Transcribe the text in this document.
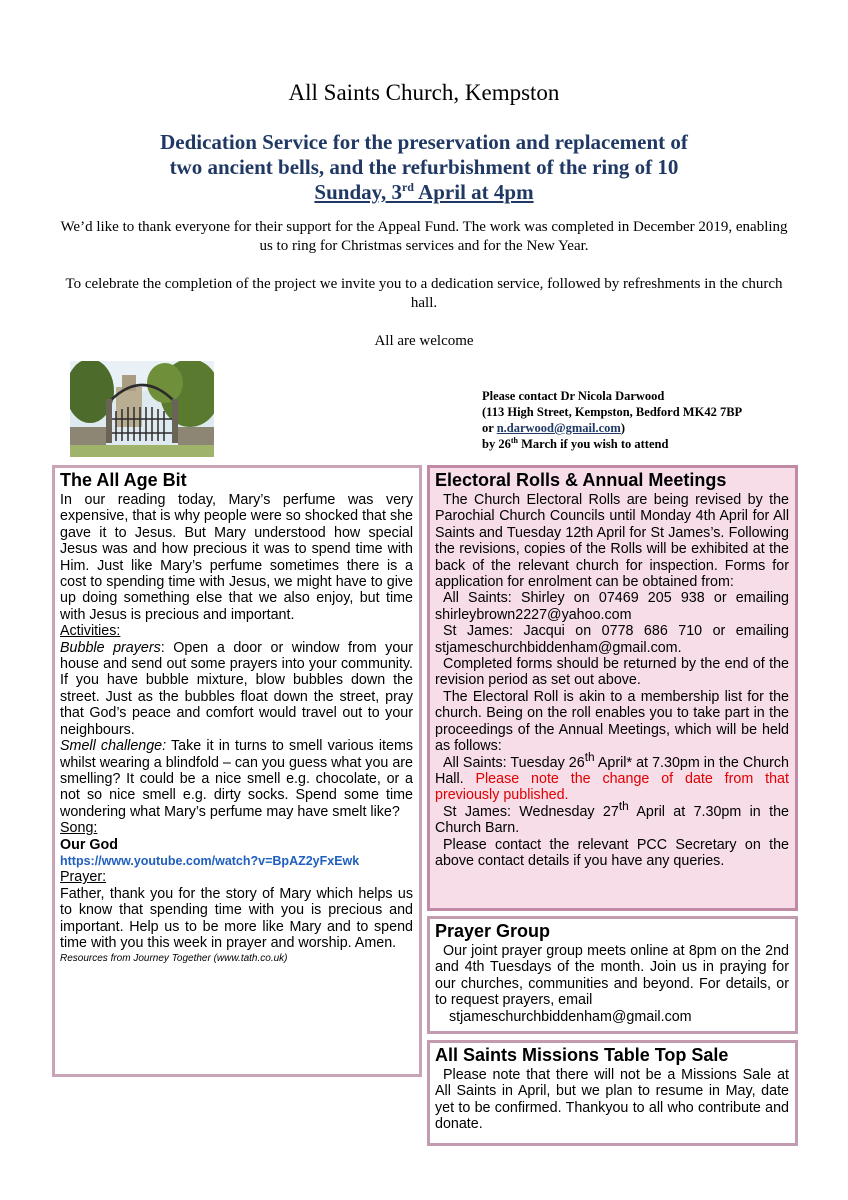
All Saints Church, Kempston
Dedication Service for the preservation and replacement of
two ancient bells, and the refurbishment of the ring of 10
Sunday, 3rd April at 4pm

We’d like to thank everyone for their support for the Appeal Fund. The work was completed in December 2019, enabling us to ring for Christmas services and for the New Year.

To celebrate the completion of the project we invite you to a dedication service, followed by refreshments in the church hall.

All are welcome

Please contact Dr Nicola Darwood
(113 High Street, Kempston, Bedford MK42 7BP
or n.darwood@gmail.com)
by 26th March if you wish to attend
The All Age Bit

In our reading today, Mary’s perfume was very expensive, that is why people were so shocked that she gave it to Jesus. But Mary understood how special Jesus was and how precious it was to spend time with Him. Just like Mary’s perfume sometimes there is a cost to spending time with Jesus, we might have to give up doing something else that we also enjoy, but time with Jesus is precious and important.

Activities:

Bubble prayers: Open a door or window from your house and send out some prayers into your community. If you have bubble mixture, blow bubbles down the street. Just as the bubbles float down the street, pray that God’s peace and comfort would travel out to your neighbours.

Smell challenge: Take it in turns to smell various items whilst wearing a blindfold – can you guess what you are smelling? It could be a nice smell e.g. chocolate, or a not so nice smell e.g. dirty socks. Spend some time wondering what Mary’s perfume may have smelt like?

Song:

Our God

https://www.youtube.com/watch?v=BpAZ2yFxEwk

Prayer:

Father, thank you for the story of Mary which helps us to know that spending time with you is precious and important. Help us to be more like Mary and to spend time with you this week in prayer and worship. Amen.

Resources from Journey Together (www.tath.co.uk)

Electoral Rolls & Annual Meetings

The Church Electoral Rolls are being revised by the Parochial Church Councils until Monday 4th April for All Saints and Tuesday 12th April for St James’s. Following the revisions, copies of the Rolls will be exhibited at the back of the relevant church for inspection. Forms for application for enrolment can be obtained from:

All Saints: Shirley on 07469 205 938 or emailing shirleybrown2227@yahoo.com

St James: Jacqui on 0778 686 710 or emailing stjameschurchbiddenham@gmail.com.

Completed forms should be returned by the end of the revision period as set out above.

The Electoral Roll is akin to a membership list for the church. Being on the roll enables you to take part in the proceedings of the Annual Meetings, which will be held as follows:

All Saints: Tuesday 26th April* at 7.30pm in the Church Hall. Please note the change of date from that previously published.

St James: Wednesday 27th April at 7.30pm in the Church Barn.

Please contact the relevant PCC Secretary on the above contact details if you have any queries.

Prayer Group

Our joint prayer group meets online at 8pm on the 2nd and 4th Tuesdays of the month. Join us in praying for our churches, communities and beyond. For details, or to request prayers, email

stjameschurchbiddenham@gmail.com

All Saints Missions Table Top Sale

Please note that there will not be a Missions Sale at All Saints in April, but we plan to resume in May, date yet to be confirmed. Thankyou to all who contribute and donate.
